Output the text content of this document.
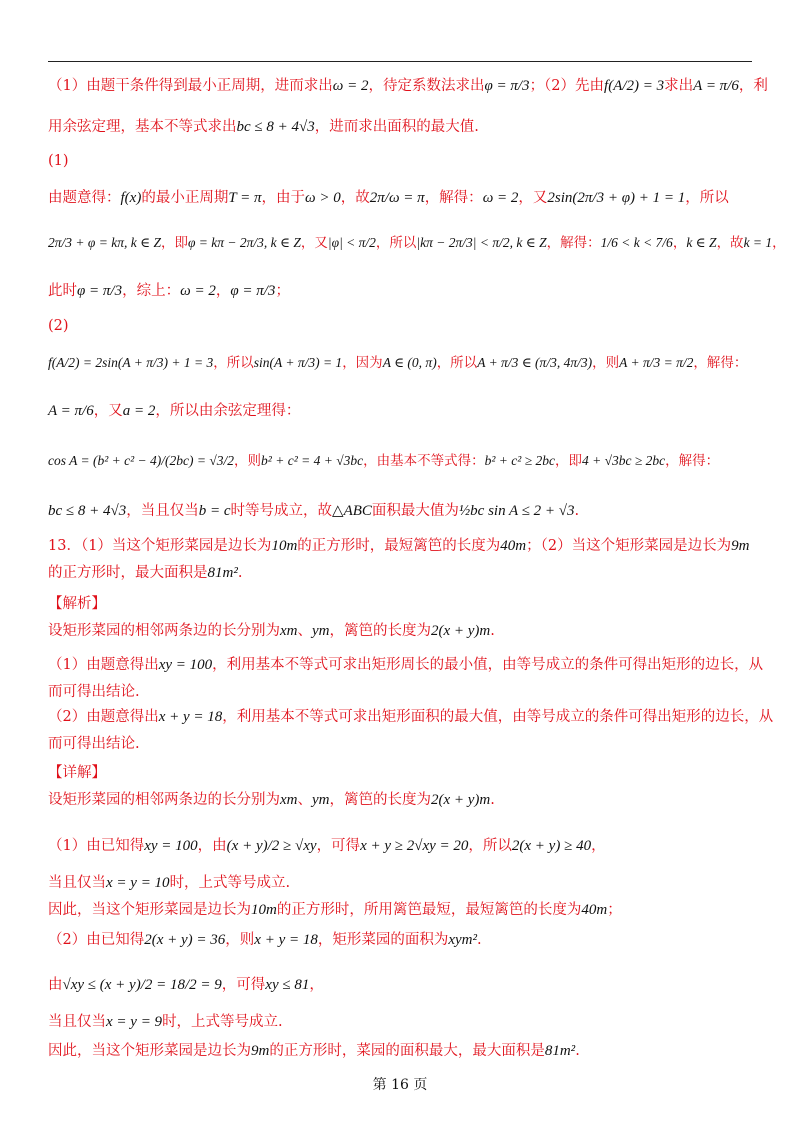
（1）由题干条件得到最小正周期，进而求出ω = 2，待定系数法求出φ = π/3；（2）先由f(A/2) = 3求出A = π/6，利
用余弦定理，基本不等式求出bc ≤ 8 + 4√3，进而求出面积的最大值.
(1)
由题意得：f(x)的最小正周期T = π，由于ω > 0，故2π/ω = π，解得：ω = 2，又2sin(2π/3 + φ) + 1 = 1，所以
2π/3 + φ = kπ, k ∈ Z，即φ = kπ − 2π/3, k ∈ Z，又|φ| < π/2，所以|kπ − 2π/3| < π/2, k ∈ Z，解得：1/6 < k < 7/6，k ∈ Z，故k = 1，
此时φ = π/3，综上：ω = 2，φ = π/3；
(2)
f(A/2) = 2sin(A + π/3) + 1 = 3，所以sin(A + π/3) = 1，因为A ∈ (0, π)，所以A + π/3 ∈ (π/3, 4π/3)，则A + π/3 = π/2，解得：
A = π/6，又a = 2，所以由余弦定理得：
cos A = (b² + c² − 4)/(2bc) = √3/2，则b² + c² = 4 + √3bc，由基本不等式得：b² + c² ≥ 2bc，即4 + √3bc ≥ 2bc，解得：
bc ≤ 8 + 4√3，当且仅当b = c时等号成立，故△ABC面积最大值为½bc sin A ≤ 2 + √3.
13．（1）当这个矩形菜园是边长为10m的正方形时，最短篱笆的长度为40m；（2）当这个矩形菜园是边长为9m
的正方形时，最大面积是81m².
【解析】
设矩形菜园的相邻两条边的长分别为xm、ym，篱笆的长度为2(x + y)m.
（1）由题意得出xy = 100，利用基本不等式可求出矩形周长的最小值，由等号成立的条件可得出矩形的边长，从
而可得出结论.
（2）由题意得出x + y = 18，利用基本不等式可求出矩形面积的最大值，由等号成立的条件可得出矩形的边长，从
而可得出结论.
【详解】
设矩形菜园的相邻两条边的长分别为xm、ym，篱笆的长度为2(x + y)m.
（1）由已知得xy = 100，由(x + y)/2 ≥ √xy，可得x + y ≥ 2√xy = 20，所以2(x + y) ≥ 40，
当且仅当x = y = 10时，上式等号成立.
因此，当这个矩形菜园是边长为10m的正方形时，所用篱笆最短，最短篱笆的长度为40m；
（2）由已知得2(x + y) = 36，则x + y = 18，矩形菜园的面积为xym².
由√xy ≤ (x + y)/2 = 18/2 = 9，可得xy ≤ 81，
当且仅当x = y = 9时，上式等号成立.
因此，当这个矩形菜园是边长为9m的正方形时，菜园的面积最大，最大面积是81m².
第 16 页
